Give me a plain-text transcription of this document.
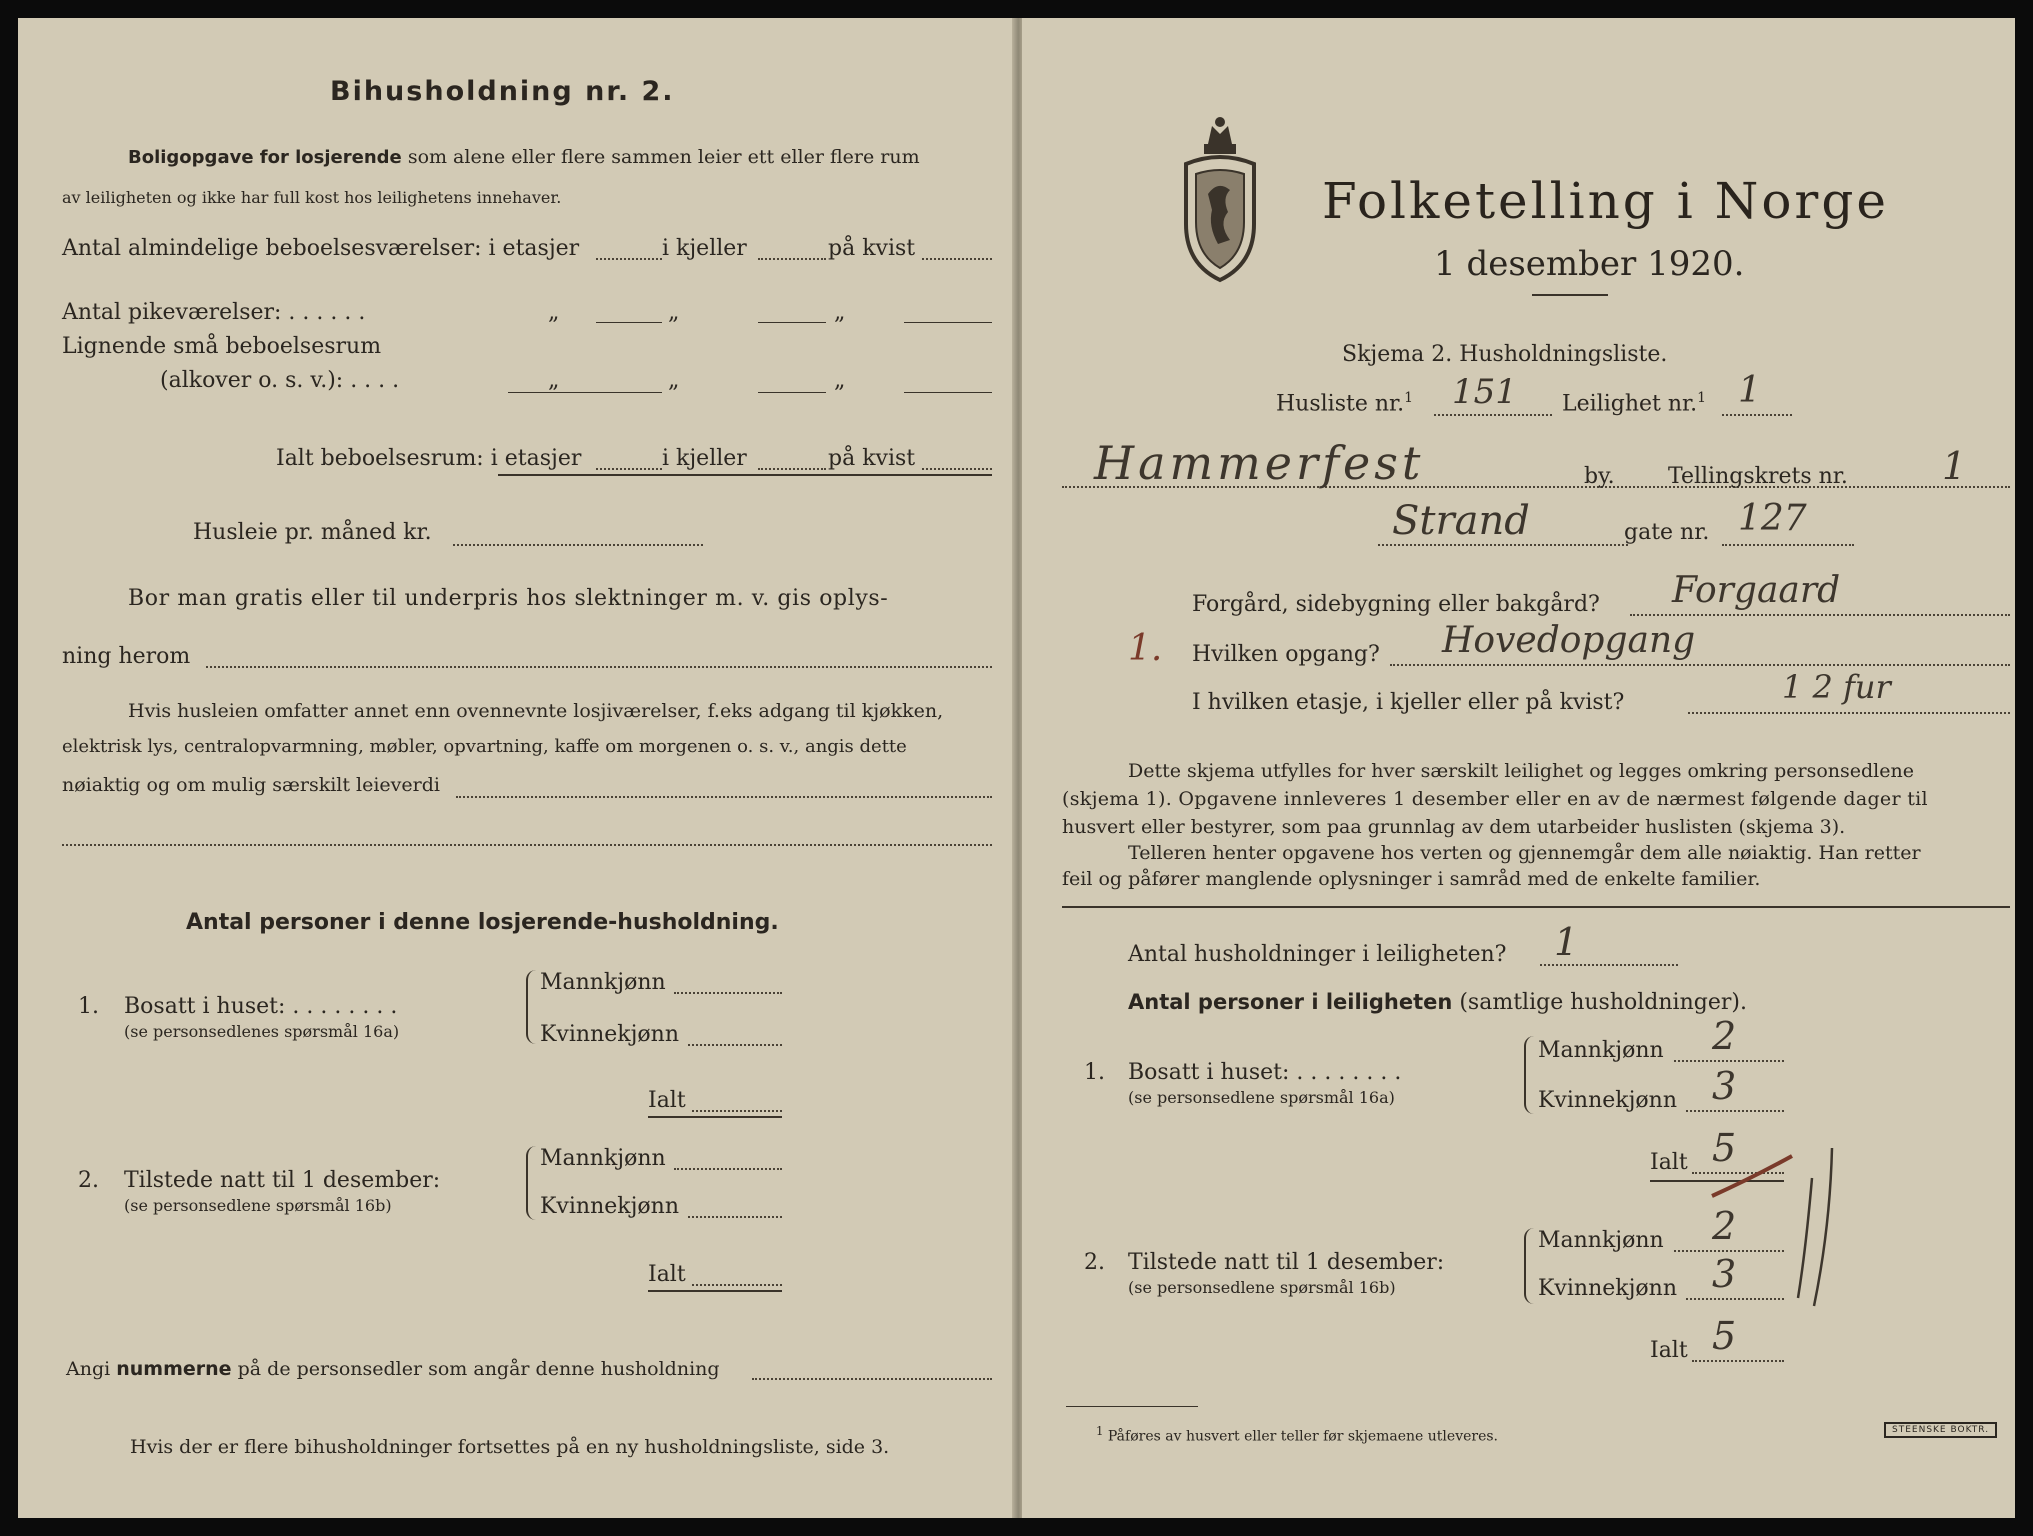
Bihusholdning nr. 2.
Boligopgave for losjerende som alene eller flere sammen leier ett eller flere rum
av leiligheten og ikke har full kost hos leilighetens innehaver.
Antal almindelige beboelsesværelser: i etasjer	i kjeller	på kvist
Antal pikeværelser: . . . . . .	„	„	„
Lignende små beboelsesrum
(alkover o. s. v.): . . . .	„	„	„
Ialt beboelsesrum: i etasjer	i kjeller	på kvist
Husleie pr. måned kr.
Bor man gratis eller til underpris hos slektninger m. v. gis oplys-
ning herom
Hvis husleien omfatter annet enn ovennevnte losjiværelser, f.eks adgang til kjøkken,
elektrisk lys, centralopvarmning, møbler, opvartning, kaffe om morgenen o. s. v., angis dette
nøiaktig og om mulig særskilt leieverdi
Antal personer i denne losjerende-husholdning.
1. Bosatt i huset: . . . . . . . .
(se personsedlenes spørsmål 16a)
Mannkjønn
Kvinnekjønn
Ialt
2. Tilstede natt til 1 desember:
(se personsedlene spørsmål 16b)
Mannkjønn
Kvinnekjønn
Ialt
Angi nummerne på de personsedler som angår denne husholdning
Hvis der er flere bihusholdninger fortsettes på en ny husholdningsliste, side 3.
Folketelling i Norge
1 desember 1920.
Skjema 2. Husholdningsliste.
Husliste nr.$^1$ 151 Leilighet nr.$^1$ 1
Hammerfest	by. Tellingskrets nr. 1
Strand	gate nr. 127
Forgård, sidebygning eller bakgård? Forgaard
1. Hvilken opgang? Hovedopgang
I hvilken etasje, i kjeller eller på kvist?	1 2 fur
Dette skjema utfylles for hver særskilt leilighet og legges omkring personsedlene
(skjema 1). Opgavene innleveres 1 desember eller en av de nærmest følgende dager til
husvert eller bestyrer, som paa grunnlag av dem utarbeider huslisten (skjema 3).
Telleren henter opgavene hos verten og gjennemgår dem alle nøiaktig. Han retter
feil og påfører manglende oplysninger i samråd med de enkelte familier.
Antal husholdninger i leiligheten? 1
Antal personer i leiligheten (samtlige husholdninger).
1. Bosatt i huset: . . . . . . . .
(se personsedlene spørsmål 16a)
Mannkjønn 2
Kvinnekjønn 3
Ialt 5
2. Tilstede natt til 1 desember:
(se personsedlene spørsmål 16b)
Mannkjønn 2
Kvinnekjønn 3
Ialt 5
$^1$ Påføres av husvert eller teller før skjemaene utleveres.	STEENSKE BOKTR.
